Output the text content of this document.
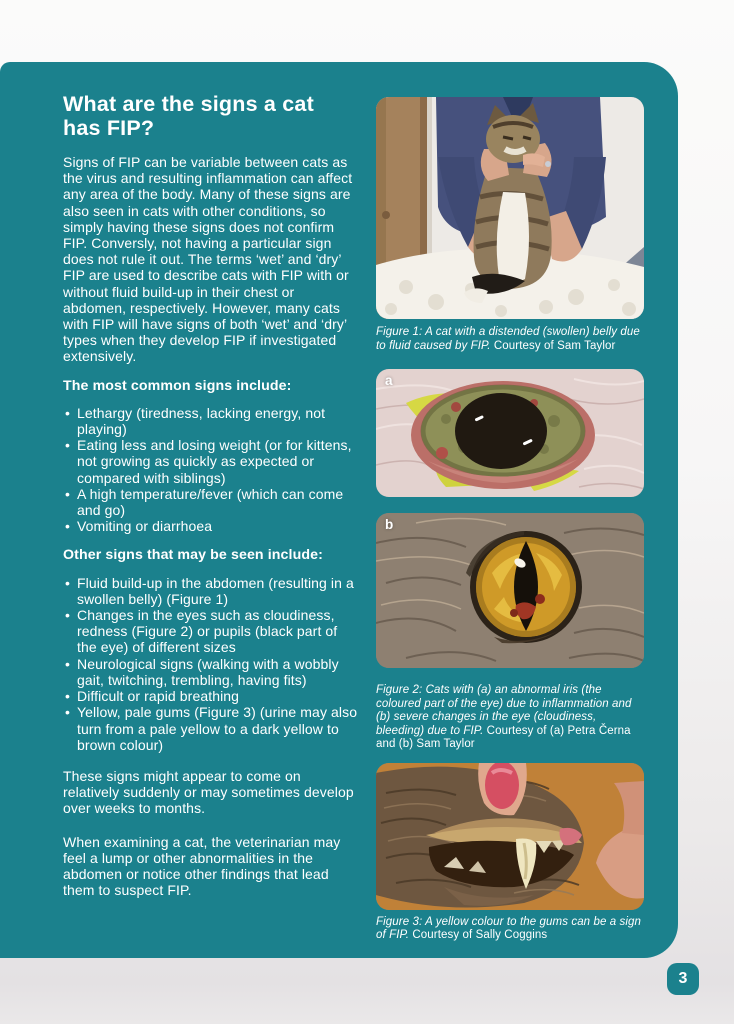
What are the signs a cat has FIP?

Signs of FIP can be variable between cats as the virus and resulting inflammation can affect any area of the body. Many of these signs are also seen in cats with other conditions, so simply having these signs does not confirm FIP. Conversly, not having a particular sign does not rule it out. The terms ‘wet’ and ‘dry’ FIP are used to describe cats with FIP with or without fluid build-up in their chest or abdomen, respectively. However, many cats with FIP will have signs of both ‘wet’ and ‘dry’ types when they develop FIP if investigated extensively.

The most common signs include:

• Lethargy (tiredness, lacking energy, not playing)
• Eating less and losing weight (or for kittens, not growing as quickly as expected or compared with siblings)
• A high temperature/fever (which can come and go)
• Vomiting or diarrhoea

Other signs that may be seen include:

• Fluid build-up in the abdomen (resulting in a swollen belly) (Figure 1)
• Changes in the eyes such as cloudiness, redness (Figure 2) or pupils (black part of the eye) of different sizes
• Neurological signs (walking with a wobbly gait, twitching, trembling, having fits)
• Difficult or rapid breathing
• Yellow, pale gums (Figure 3) (urine may also turn from a pale yellow to a dark yellow to brown colour)

These signs might appear to come on relatively suddenly or may sometimes develop over weeks to months.

When examining a cat, the veterinarian may feel a lump or other abnormalities in the abdomen or notice other findings that lead them to suspect FIP.

Figure 1: A cat with a distended (swollen) belly due to fluid caused by FIP. Courtesy of Sam Taylor
a
b
Figure 2: Cats with (a) an abnormal iris (the coloured part of the eye) due to inflammation and (b) severe changes in the eye (cloudiness, bleeding) due to FIP. Courtesy of (a) Petra Černa and (b) Sam Taylor
Figure 3: A yellow colour to the gums can be a sign of FIP. Courtesy of Sally Coggins
3
